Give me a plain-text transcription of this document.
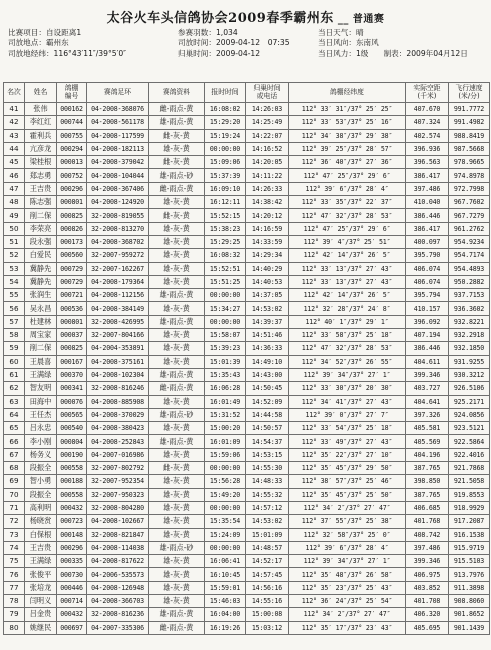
太谷火车头信鸽协会2009春季霸州东 __ 普通赛
比赛项目：自设距离1	参赛羽数：1,034	当日天气：晴
司放地点：霸州东	司放时间：2009-04-12　07:35	当日风向：东南风
司放地经纬：116°43′11″/39°5′0″	归巢时间：2009-04-12	当日风力：1级　　制表：2009年04月12日
名次	姓名	鸽棚
编号	赛鸽足环	赛鸽资料	报时时间	归巢时间
或电话	鸽棚经纬度	实际空距
(千米)	飞行速度
(米/分)
41	张伟	000162	04-2008-368076	雌-雨点-黄	16:08:02	14:26:03	112° 33′ 31″/37° 25′ 25″	407.670	991.7772
42	李红红	000744	04-2008-561178	雄-雨点-黄	15:29:20	14:25:49	112° 33′ 53″/37° 25′ 16″	407.324	991.4982
43	霍利兵	000755	04-2008-117599	雌-灰-黄	15:19:24	14:22:07	112° 34′ 38″/37° 29′ 38″	402.574	988.8419
44	亢彦龙	000294	04-2008-182113	雄-灰-黄	00:00:00	14:16:52	112° 39′ 25″/37° 28′ 57″	396.936	987.5668
45	梁桂根	000013	04-2008-379042	雌-灰-黄	15:09:06	14:20:05	112° 36′ 40″/37° 27′ 36″	396.563	978.9665
46	郑志勇	000752	04-2008-104044	雄-雨点-砂	15:37:39	14:11:22	112° 47′ 25″/37° 29′ 6″	386.417	974.8978
47	王吉贵	000296	04-2008-367406	雌-雨点-黄	16:09:10	14:26:33	112° 39′ 6″/37° 28′ 4″	397.486	972.7998
48	陈志强	000801	04-2008-124920	雄-灰-黄	16:12:11	14:38:42	112° 33′ 35″/37° 22′ 37″	410.040	967.7602
49	削二保	000825	32-2008-819055	雌-灰-黄	15:52:15	14:20:12	112° 47′ 32″/37° 28′ 53″	386.446	967.7279
50	李荣亮	000826	32-2008-813270	雄-灰-黄	15:38:23	14:16:59	112° 47′ 25″/37° 29′ 6″	386.417	961.2762
51	段永强	000173	04-2008-368702	雄-灰-黄	15:29:25	14:33:59	112° 39′ 4″/37° 25′ 51″	400.097	954.9234
52	白爱民	000560	32-2007-959272	雄-灰-黄	16:08:32	14:29:34	112° 42′ 14″/37° 26′ 5″	395.790	954.7174
53	冀静先	000729	32-2007-162267	雄-灰-黄	15:52:51	14:40:29	112° 33′ 13″/37° 27′ 43″	406.074	954.4893
54	冀静先	000729	04-2008-179364	雄-灰-黄	15:51:25	14:40:53	112° 33′ 13″/37° 27′ 43″	406.074	950.2882
55	张润生	000721	04-2008-112156	雄-雨点-黄	00:00:00	14:37:05	112° 42′ 14″/37° 26′ 5″	395.794	937.7153
56	吴永昌	000536	04-2008-384149	雄-灰-黄	15:34:27	14:53:02	112° 32′ 28″/37° 24′ 8″	410.157	936.3602
57	杜建林	000801	32-2008-426995	雄-雨点-黄	00:00:00	14:39:37	112° 40′ 1″/37° 29′ 1″	396.092	932.8221
58	周宝家	000037	32-2007-804166	雄-灰-黄	15:58:07	14:51:46	112° 33′ 58″/37° 25′ 18″	407.194	932.2918
59	削二保	000825	04-2004-353891	雄-灰-黄	15:39:23	14:36:33	112° 47′ 32″/37° 28′ 53″	386.446	932.1850
60	王晨喜	000167	04-2008-375161	雄-灰-黄	15:01:39	14:49:10	112° 34′ 52″/37° 26′ 55″	404.611	931.9255
61	王满绿	000370	04-2008-102304	雄-雨点-黄	15:35:43	14:43:00	112° 39′ 34″/37° 27′ 1″	399.346	930.3212
62	智友明	000341	32-2008-816246	雌-雨点-黄	16:06:28	14:50:45	112° 33′ 30″/37° 20′ 30″	403.727	926.5106
63	田海中	000076	04-2008-885908	雄-灰-黄	16:01:49	14:52:09	112° 34′ 41″/37° 27′ 43″	404.641	925.2171
64	王任杰	000565	04-2008-370029	雄-雨点-砂	15:31:52	14:44:58	112° 39′ 0″/37° 27′ 7″	397.326	924.0856
65	吕永忠	000540	04-2008-380423	雄-灰-黄	15:00:20	14:50:57	112° 33′ 54″/37° 25′ 18″	405.581	923.5121
66	李小刚	000804	04-2008-252843	雄-雨点-黄	16:01:09	14:54:37	112° 33′ 49″/37° 27′ 43″	405.569	922.5864
67	杨务义	000190	04-2007-016986	雄-灰-黄	15:59:06	14:53:15	112° 35′ 22″/37° 27′ 10″	404.196	922.4016
68	段振全	000558	32-2007-802792	雌-灰-黄	00:00:00	14:55:30	112° 35′ 45″/37° 29′ 50″	387.765	921.7868
69	智小勇	000188	32-2007-952354	雄-灰-黄	15:56:28	14:48:33	112° 38′ 57″/37° 25′ 46″	398.850	921.5058
70	段振全	000558	32-2007-950323	雄-灰-黄	15:49:20	14:55:32	112° 35′ 45″/37° 25′ 50″	387.765	919.8553
71	高利明	000432	32-2008-804280	雄-灰-黄	00:00:00	14:57:12	112° 34′ 2″/37° 27′ 47″	406.685	918.9929
72	杨晓赏	000723	04-2008-102667	雄-灰-黄	15:35:54	14:53:02	112° 37′ 55″/37° 25′ 38″	401.768	917.2087
73	白保根	000148	32-2008-821847	雄-灰-黄	15:24:09	15:01:09	112° 32′ 58″/37° 25′ 0″	408.742	916.1538
74	王吉贵	000296	04-2008-114038	雄-雨点-砂	00:00:00	14:48:57	112° 39′ 6″/37° 28′ 4″	397.486	915.9719
75	王满绿	000335	04-2008-817622	雄-灰-黄	16:06:41	14:52:17	112° 39′ 34″/37° 27′ 1″	399.346	915.5103
76	张俊平	000730	04-2006-535573	雄-灰-黄	16:10:45	14:57:45	112° 35′ 48″/37° 26′ 58″	406.975	913.7976
77	张培龙	000446	04-2008-126948	雄-灰-黄	15:59:01	14:56:16	112° 35′ 23″/37° 25′ 43″	403.852	911.3898
78	闫明义	000714	04-2008-366703	雄-灰-黄	15:46:03	14:55:16	112° 36′ 24″/37° 25′ 54″	401.708	908.8060
79	吕金贵	000432	32-2008-816236	雄-雨点-黄	16:04:00	15:00:08	112° 34′ 2″/37° 27′ 47″	406.320	901.8652
80	姚继民	000697	04-2007-335306	雌-雨点-黄	16:19:26	15:03:12	112° 35′ 17″/37° 23′ 43″	405.695	901.1439
